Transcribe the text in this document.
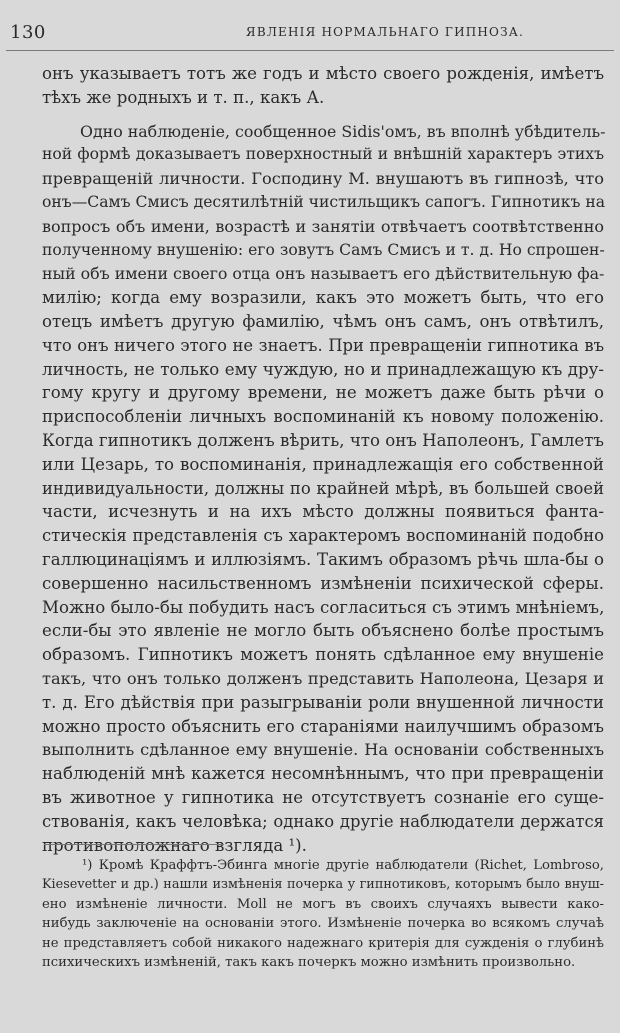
130	ЯВЛЕНІЯ НОРМАЛЬНАГО ГИПНОЗА.

онъ указываетъ тотъ же годъ и мѣсто своего рожденія, имѣетъ

тѣхъ же родныхъ и т. п., какъ А.

Одно наблюденіе, сообщенное Sidis'омъ, въ вполнѣ убѣдитель-

ной формѣ доказываетъ поверхностный и внѣшній характеръ этихъ

превращеній личности. Господину М. внушаютъ въ гипнозѣ, что

онъ—Самъ Смисъ десятилѣтній чистильщикъ сапогъ. Гипнотикъ на

вопросъ объ имени, возрастѣ и занятіи отвѣчаетъ соотвѣтственно

полученному внушенію: его зовутъ Самъ Смисъ и т. д. Но спрошен-

ный объ имени своего отца онъ называетъ его дѣйствительную фа-

милію; когда ему возразили, какъ это можетъ быть, что его

отецъ имѣетъ другую фамилію, чѣмъ онъ самъ, онъ отвѣтилъ,

что онъ ничего этого не знаетъ. При превращеніи гипнотика въ

личность, не только ему чуждую, но и принадлежащую къ дру-

гому кругу и другому времени, не можетъ даже быть рѣчи о

приспособленіи личныхъ воспоминаній къ новому положенію.

Когда гипнотикъ долженъ вѣрить, что онъ Наполеонъ, Гамлетъ

или Цезарь, то воспоминанія, принадлежащія его собственной

индивидуальности, должны по крайней мѣрѣ, въ большей своей

части, исчезнуть и на ихъ мѣсто должны появиться фанта-

стическія представленія съ характеромъ воспоминаній подобно

галлюцинаціямъ и иллюзіямъ. Такимъ образомъ рѣчь шла-бы о

совершенно насильственномъ измѣненіи психической сферы.

Можно было-бы побудить насъ согласиться съ этимъ мнѣніемъ,

если-бы это явленіе не могло быть объяснено болѣе простымъ

образомъ. Гипнотикъ можетъ понять сдѣланное ему внушеніе

такъ, что онъ только долженъ представить Наполеона, Цезаря и

т. д. Его дѣйствія при разыгрываніи роли внушенной личности

можно просто объяснить его стараніями наилучшимъ образомъ

выполнить сдѣланное ему внушеніе. На основаніи собственныхъ

наблюденій мнѣ кажется несомнѣннымъ, что при превращеніи

въ животное у гипнотика не отсутствуетъ сознаніе его суще-

ствованія, какъ человѣка; однако другіе наблюдатели держатся

противоположнаго взгляда ¹).

¹) Кромѣ Краффтъ-Эбинга многіе другіе наблюдатели (Richet, Lombroso,

Kiesevetter и др.) нашли измѣненія почерка у гипнотиковъ, которымъ было внуш-

ено измѣненіе личности. Moll не могъ въ своихъ случаяхъ вывести како-

нибудь заключеніе на основаніи этого. Измѣненіе почерка во всякомъ случаѣ

не представляетъ собой никакого надежнаго критерія для сужденія о глубинѣ

психическихъ измѣненій, такъ какъ почеркъ можно измѣнить произвольно.
